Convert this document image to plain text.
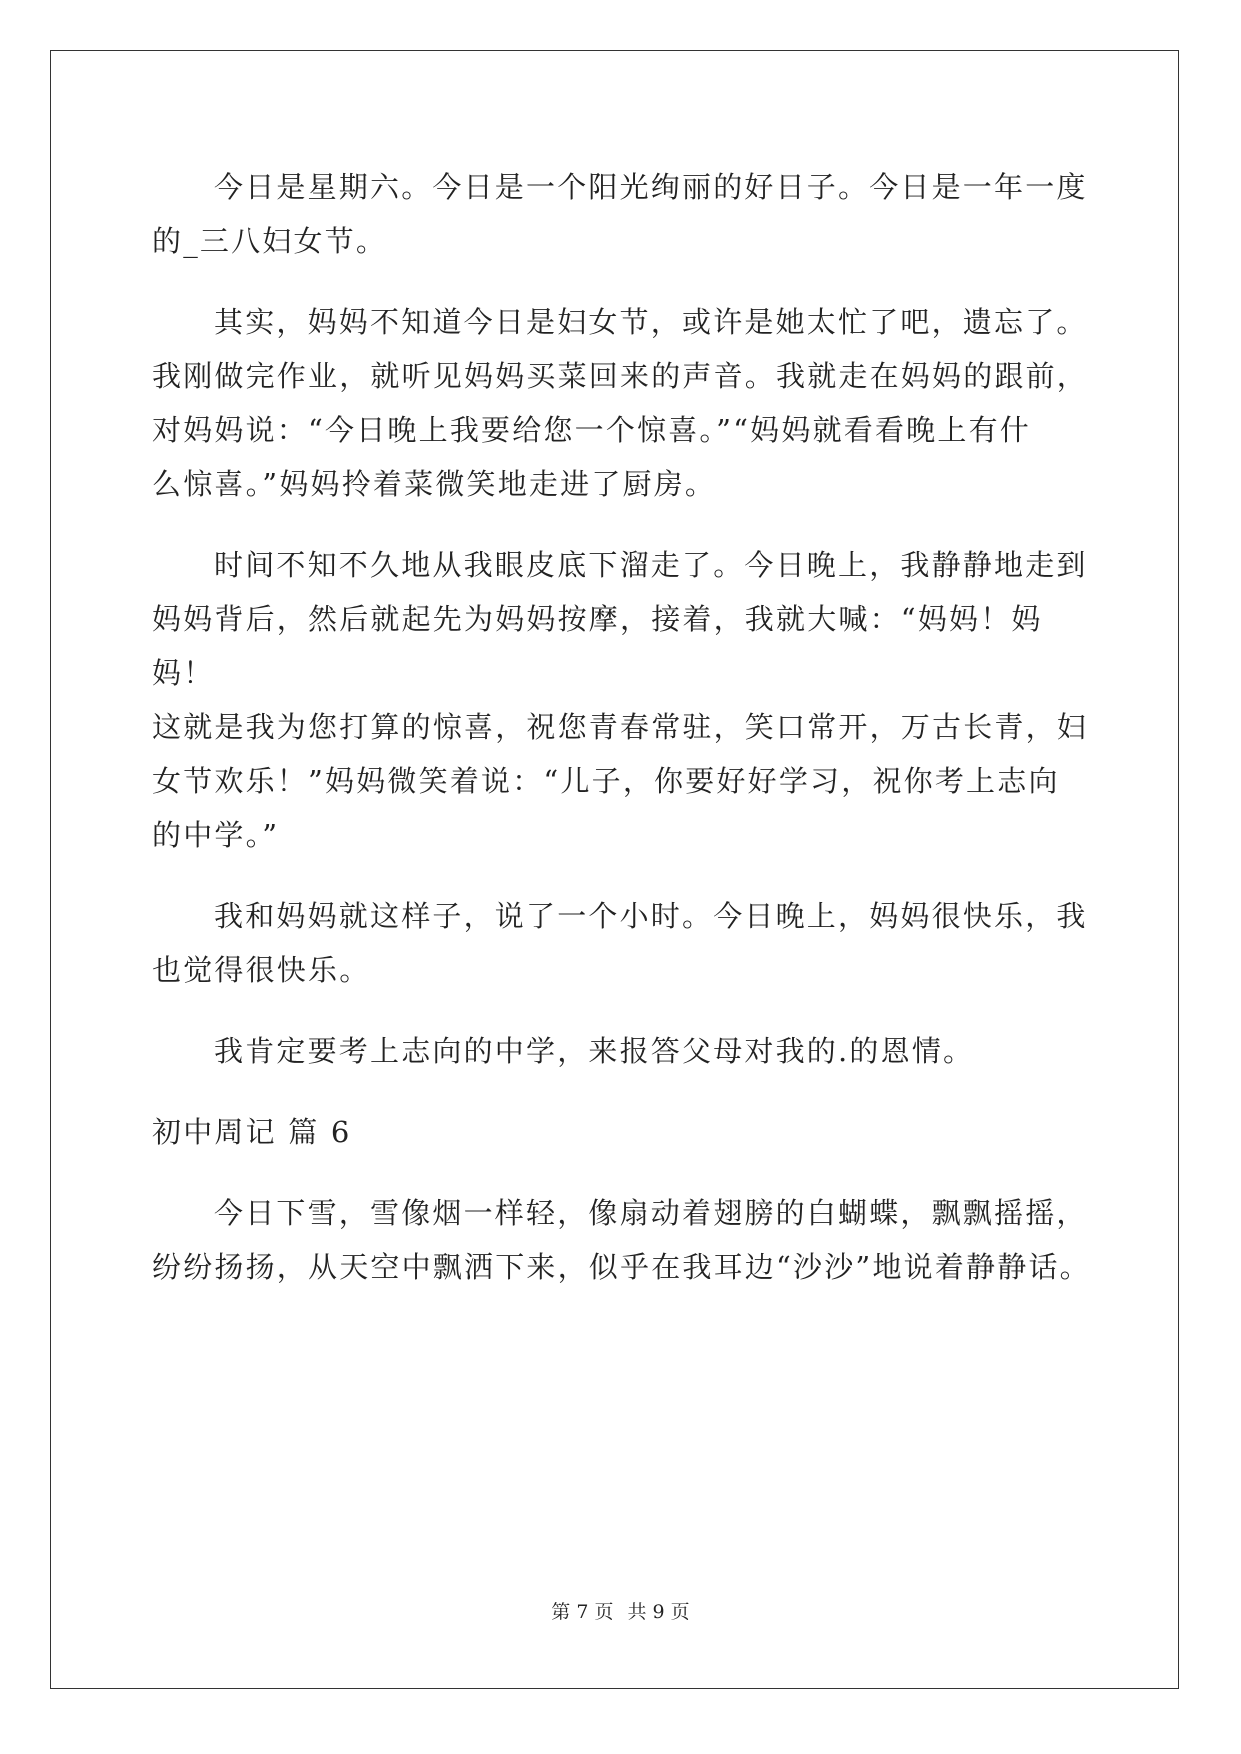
今日是星期六。今日是一个阳光绚丽的好日子。今日是一年一度
的_三八妇女节。

其实，妈妈不知道今日是妇女节，或许是她太忙了吧，遗忘了。
我刚做完作业，就听见妈妈买菜回来的声音。我就走在妈妈的跟前，
对妈妈说：“今日晚上我要给您一个惊喜。”“妈妈就看看晚上有什
么惊喜。”妈妈拎着菜微笑地走进了厨房。

时间不知不久地从我眼皮底下溜走了。今日晚上，我静静地走到
妈妈背后，然后就起先为妈妈按摩，接着，我就大喊：“妈妈！妈妈！
这就是我为您打算的惊喜，祝您青春常驻，笑口常开，万古长青，妇
女节欢乐！”妈妈微笑着说：“儿子，你要好好学习，祝你考上志向
的中学。”

我和妈妈就这样子，说了一个小时。今日晚上，妈妈很快乐，我
也觉得很快乐。

我肯定要考上志向的中学，来报答父母对我的.的恩情。

初中周记 篇 6

今日下雪，雪像烟一样轻，像扇动着翅膀的白蝴蝶，飘飘摇摇，
纷纷扬扬，从天空中飘洒下来，似乎在我耳边“沙沙”地说着静静话。

第 7 页 共 9 页
